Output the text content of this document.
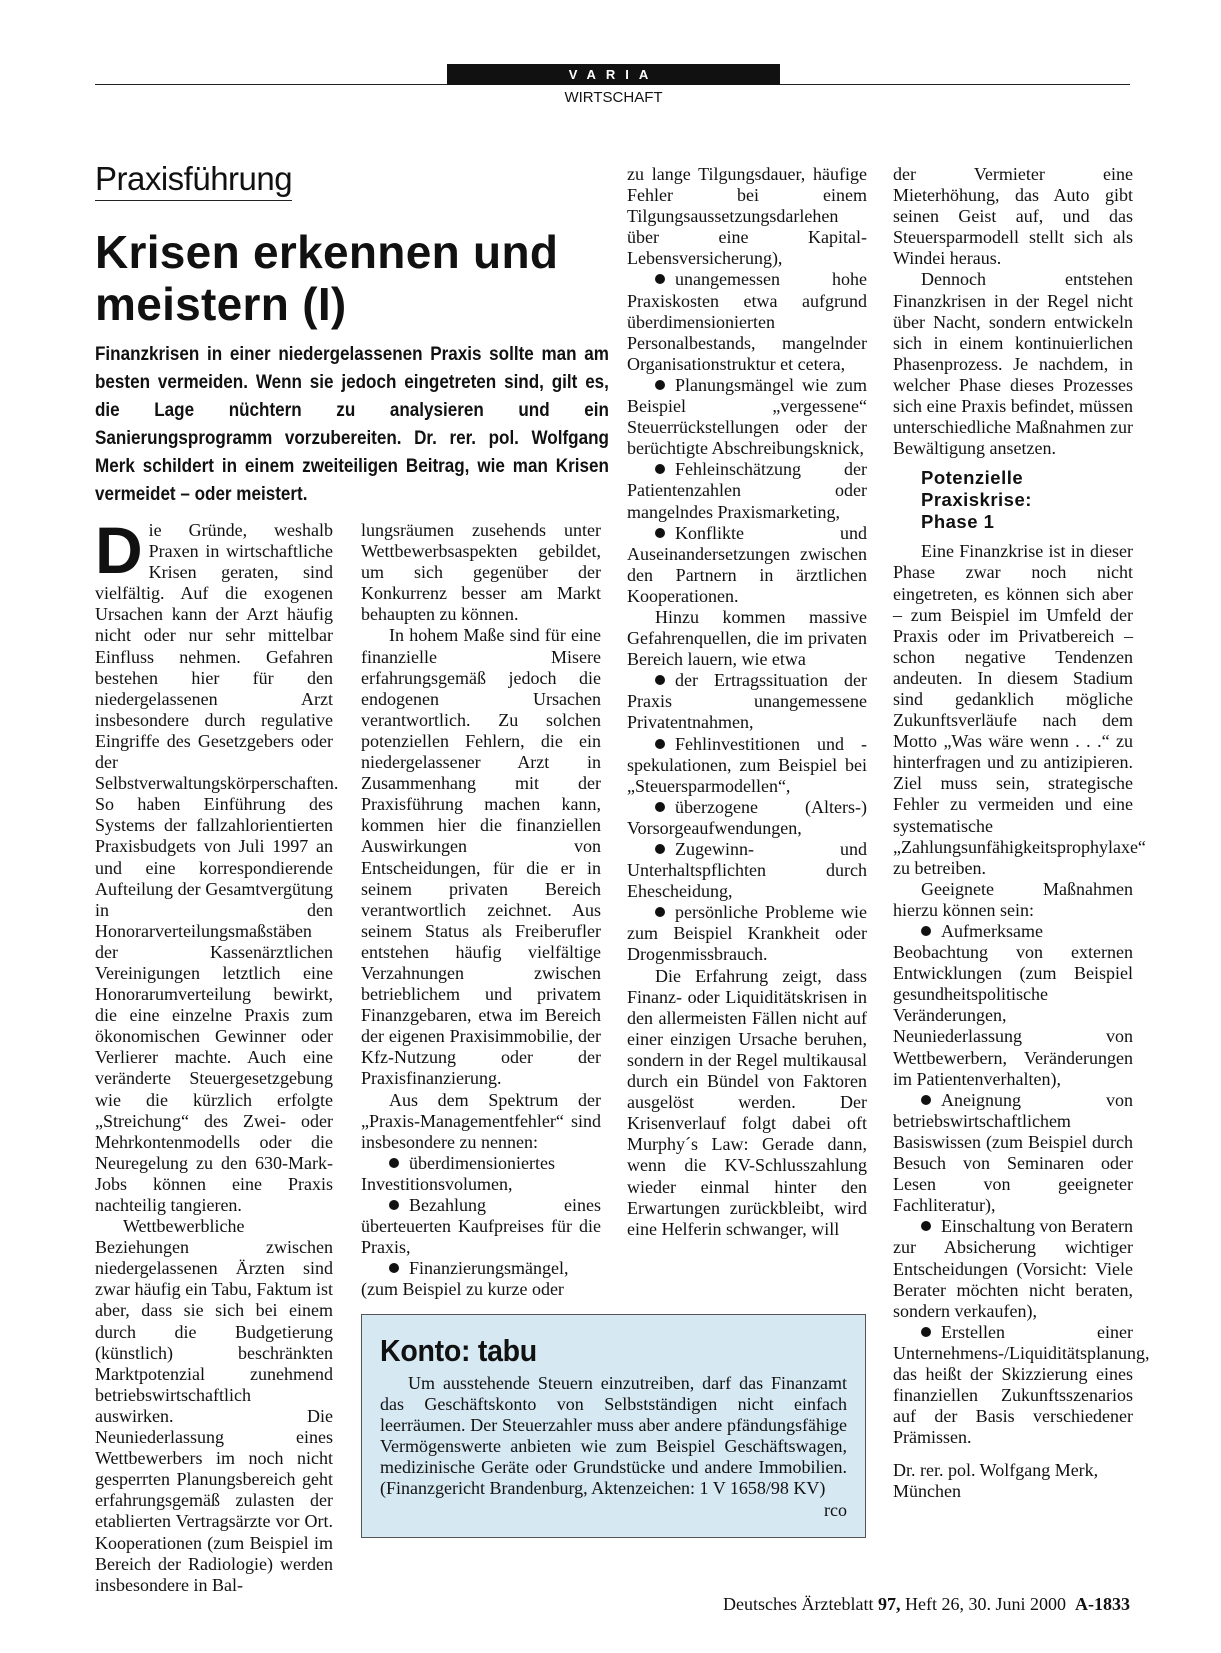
VARIA
WIRTSCHAFT
Praxisführung
Krisen erkennen und meistern (I)

Finanzkrisen in einer niedergelassenen Praxis sollte man am besten vermeiden. Wenn sie jedoch eingetreten sind, gilt es, die Lage nüchtern zu analysieren und ein Sanierungsprogramm vorzubereiten. Dr. rer. pol. Wolfgang Merk schildert in einem zweiteiligen Beitrag, wie man Krisen vermeidet – oder meistert.

Die Gründe, weshalb Praxen in wirtschaftliche Krisen geraten, sind vielfältig. Auf die exogenen Ursachen kann der Arzt häufig nicht oder nur sehr mittelbar Einfluss nehmen. Gefahren bestehen hier für den niedergelassenen Arzt insbesondere durch regulative Eingriffe des Gesetzgebers oder der Selbstverwaltungskörperschaften. So haben Einführung des Systems der fallzahlorientierten Praxisbudgets von Juli 1997 an und eine korrespondierende Aufteilung der Gesamtvergütung in den Honorarverteilungsmaßstäben der Kassenärztlichen Vereinigungen letztlich eine Honorarumverteilung bewirkt, die eine einzelne Praxis zum ökonomischen Gewinner oder Verlierer machte. Auch eine veränderte Steuergesetzgebung wie die kürzlich erfolgte „Streichung“ des Zwei- oder Mehrkontenmodells oder die Neuregelung zu den 630-Mark-Jobs können eine Praxis nachteilig tangieren.

Wettbewerbliche Beziehungen zwischen niedergelassenen Ärzten sind zwar häufig ein Tabu, Faktum ist aber, dass sie sich bei einem durch die Budgetierung (künstlich) beschränkten Marktpotenzial zunehmend betriebswirtschaftlich auswirken. Die Neuniederlassung eines Wettbewerbers im noch nicht gesperrten Planungsbereich geht erfahrungsgemäß zulasten der etablierten Vertragsärzte vor Ort. Kooperationen (zum Beispiel im Bereich der Radiologie) werden insbesondere in Bal-

lungsräumen zusehends unter Wettbewerbsaspekten gebildet, um sich gegenüber der Konkurrenz besser am Markt behaupten zu können.

In hohem Maße sind für eine finanzielle Misere erfahrungsgemäß jedoch die endogenen Ursachen verantwortlich. Zu solchen potenziellen Fehlern, die ein niedergelassener Arzt in Zusammenhang mit der Praxisführung machen kann, kommen hier die finanziellen Auswirkungen von Entscheidungen, für die er in seinem privaten Bereich verantwortlich zeichnet. Aus seinem Status als Freiberufler entstehen häufig vielfältige Verzahnungen zwischen betrieblichem und privatem Finanzgebaren, etwa im Bereich der eigenen Praxisimmobilie, der Kfz-Nutzung oder der Praxisfinanzierung.

Aus dem Spektrum der „Praxis-Managementfehler“ sind insbesondere zu nennen:

überdimensioniertes Investitionsvolumen,

Bezahlung eines überteuerten Kaufpreises für die Praxis,

Finanzierungsmängel, (zum Beispiel zu kurze oder

zu lange Tilgungsdauer, häufige Fehler bei einem Tilgungsaussetzungsdarlehen über eine Kapital-Lebensversicherung),

unangemessen hohe Praxiskosten etwa aufgrund überdimensionierten Personalbestands, mangelnder Organisationstruktur et cetera,

Planungsmängel wie zum Beispiel „vergessene“ Steuerrückstellungen oder der berüchtigte Abschreibungsknick,

Fehleinschätzung der Patientenzahlen oder mangelndes Praxismarketing,

Konflikte und Auseinandersetzungen zwischen den Partnern in ärztlichen Kooperationen.

Hinzu kommen massive Gefahrenquellen, die im privaten Bereich lauern, wie etwa

der Ertragssituation der Praxis unangemessene Privatentnahmen,

Fehlinvestitionen und -spekulationen, zum Beispiel bei „Steuersparmodellen“,

überzogene (Alters-) Vorsorgeaufwendungen,

Zugewinn- und Unterhaltspflichten durch Ehescheidung,

persönliche Probleme wie zum Beispiel Krankheit oder Drogenmissbrauch.

Die Erfahrung zeigt, dass Finanz- oder Liquiditätskrisen in den allermeisten Fällen nicht auf einer einzigen Ursache beruhen, sondern in der Regel multikausal durch ein Bündel von Faktoren ausgelöst werden. Der Krisenverlauf folgt dabei oft Murphy´s Law: Gerade dann, wenn die KV-Schlusszahlung wieder einmal hinter den Erwartungen zurückbleibt, wird eine Helferin schwanger, will

der Vermieter eine Mieterhöhung, das Auto gibt seinen Geist auf, und das Steuersparmodell stellt sich als Windei heraus.

Dennoch entstehen Finanzkrisen in der Regel nicht über Nacht, sondern entwickeln sich in einem kontinuierlichen Phasenprozess. Je nachdem, in welcher Phase dieses Prozesses sich eine Praxis befindet, müssen unterschiedliche Maßnahmen zur Bewältigung ansetzen.

Potenzielle
Praxiskrise:
Phase 1

Eine Finanzkrise ist in dieser Phase zwar noch nicht eingetreten, es können sich aber – zum Beispiel im Umfeld der Praxis oder im Privatbereich – schon negative Tendenzen andeuten. In diesem Stadium sind gedanklich mögliche Zukunftsverläufe nach dem Motto „Was wäre wenn . . .“ zu hinterfragen und zu antizipieren. Ziel muss sein, strategische Fehler zu vermeiden und eine systematische „Zahlungsunfähigkeitsprophylaxe“ zu betreiben.

Geeignete Maßnahmen hierzu können sein:

Aufmerksame Beobachtung von externen Entwicklungen (zum Beispiel gesundheitspolitische Veränderungen, Neuniederlassung von Wettbewerbern, Veränderungen im Patientenverhalten),

Aneignung von betriebswirtschaftlichem Basiswissen (zum Beispiel durch Besuch von Seminaren oder Lesen von geeigneter Fachliteratur),

Einschaltung von Beratern zur Absicherung wichtiger Entscheidungen (Vorsicht: Viele Berater möchten nicht beraten, sondern verkaufen),

Erstellen einer Unternehmens-/Liquiditätsplanung, das heißt der Skizzierung eines finanziellen Zukunftsszenarios auf der Basis verschiedener Prämissen.

Dr. rer. pol. Wolfgang Merk,

München

Konto: tabu

Um ausstehende Steuern einzutreiben, darf das Finanzamt das Geschäftskonto von Selbstständigen nicht einfach leerräumen. Der Steuerzahler muss aber andere pfändungsfähige Vermögenswerte anbieten wie zum Beispiel Geschäftswagen, medizinische Geräte oder Grundstücke und andere Immobilien. (Finanzgericht Brandenburg, Aktenzeichen: 1 V 1658/98 KV)
rco

Deutsches Ärzteblatt 97, Heft 26, 30. Juni 2000 A-1833
